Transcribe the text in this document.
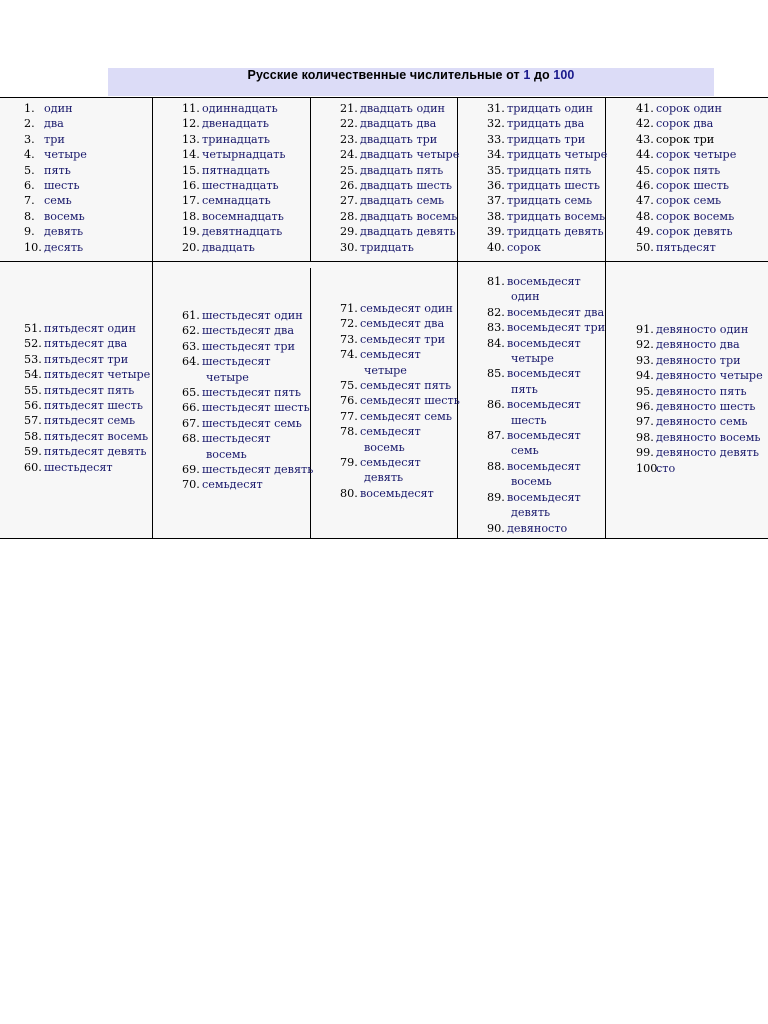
Русские количественные числительные от 1 до 100
1. один
2. два
3. три
4. четыре
5. пять
6. шесть
7. семь
8. восемь
9. девять
10. десять
11. одиннадцать
12. двенадцать
13. тринадцать
14. четырнадцать
15. пятнадцать
16. шестнадцать
17. семнадцать
18. восемнадцать
19. девятнадцать
20. двадцать
21. двадцать один
22. двадцать два
23. двадцать три
24. двадцать четыре
25. двадцать пять
26. двадцать шесть
27. двадцать семь
28. двадцать восемь
29. двадцать девять
30. тридцать
31. тридцать один
32. тридцать два
33. тридцать три
34. тридцать четыре
35. тридцать пять
36. тридцать шесть
37. тридцать семь
38. тридцать восемь
39. тридцать девять
40. сорок
41. сорок один
42. сорок два
43. сорок три
44. сорок четыре
45. сорок пять
46. сорок шесть
47. сорок семь
48. сорок восемь
49. сорок девять
50. пятьдесят
51. пятьдесят один
52. пятьдесят два
53. пятьдесят три
54. пятьдесят четыре
55. пятьдесят пять
56. пятьдесят шесть
57. пятьдесят семь
58. пятьдесят восемь
59. пятьдесят девять
60. шестьдесят
61. шестьдесят один
62. шестьдесят два
63. шестьдесят три
64. шестьдесят
четыре
65. шестьдесят пять
66. шестьдесят шесть
67. шестьдесят семь
68. шестьдесят
восемь
69. шестьдесят девять
70. семьдесят
71. семьдесят один
72. семьдесят два
73. семьдесят три
74. семьдесят
четыре
75. семьдесят пять
76. семьдесят шесть
77. семьдесят семь
78. семьдесят
восемь
79. семьдесят
девять
80. восемьдесят
81. восемьдесят
один
82. восемьдесят два
83. восемьдесят три
84. восемьдесят
четыре
85. восемьдесят
пять
86. восемьдесят
шесть
87. восемьдесят
семь
88. восемьдесят
восемь
89. восемьдесят
девять
90. девяносто
91. девяносто один
92. девяносто два
93. девяносто три
94. девяносто четыре
95. девяносто пять
96. девяносто шесть
97. девяносто семь
98. девяносто восемь
99. девяносто девять
100.сто
